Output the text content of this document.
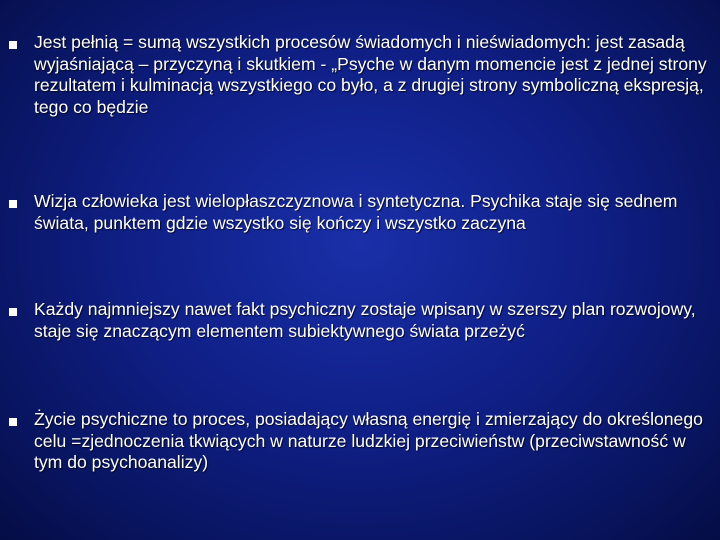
Jest pełnią = sumą wszystkich procesów świadomych i nieświadomych: jest zasadą wyjaśniającą – przyczyną i skutkiem - „Psyche w danym momencie jest z jednej strony rezultatem i kulminacją wszystkiego co było, a z drugiej strony symboliczną ekspresją, tego co będzie
Wizja człowieka jest wielopłaszczyznowa i syntetyczna. Psychika staje się sednem świata, punktem gdzie wszystko się kończy i wszystko zaczyna
Każdy najmniejszy nawet fakt psychiczny zostaje wpisany w szerszy plan rozwojowy, staje się znaczącym elementem subiektywnego świata przeżyć
Życie psychiczne to proces, posiadający własną energię i zmierzający do określonego celu =zjednoczenia tkwiących w naturze ludzkiej przeciwieństw (przeciwstawność w tym do psychoanalizy)
